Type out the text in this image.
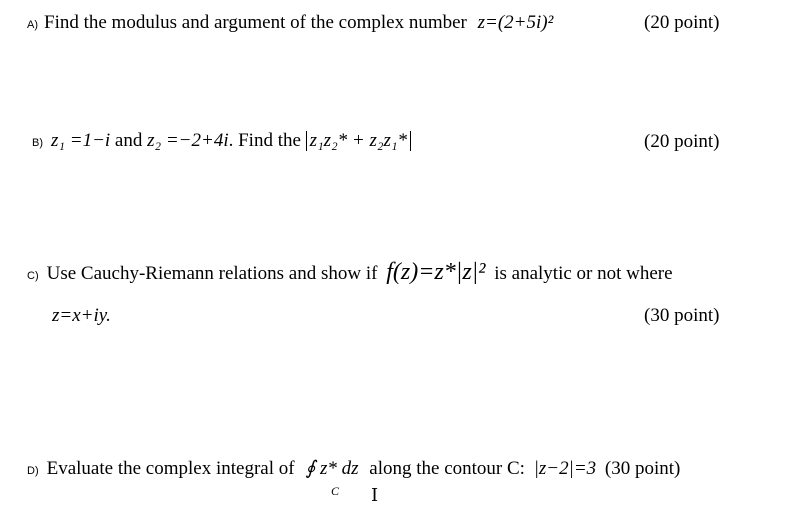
A) Find the modulus and argument of the complex number z=(2+5i)²	(20 point)
B) z₁ =1−i and z₂ =−2+4i. Find the z₁z₂* + z₂z₁*	(20 point)
C) Use Cauchy-Riemann relations and show if f(z)=z*|z|² is analytic or not where
z=x+iy.	(30 point)
D) Evaluate the complex integral of ∮ z* dz along the contour C: |z−2|=3 (30 point)
C I
